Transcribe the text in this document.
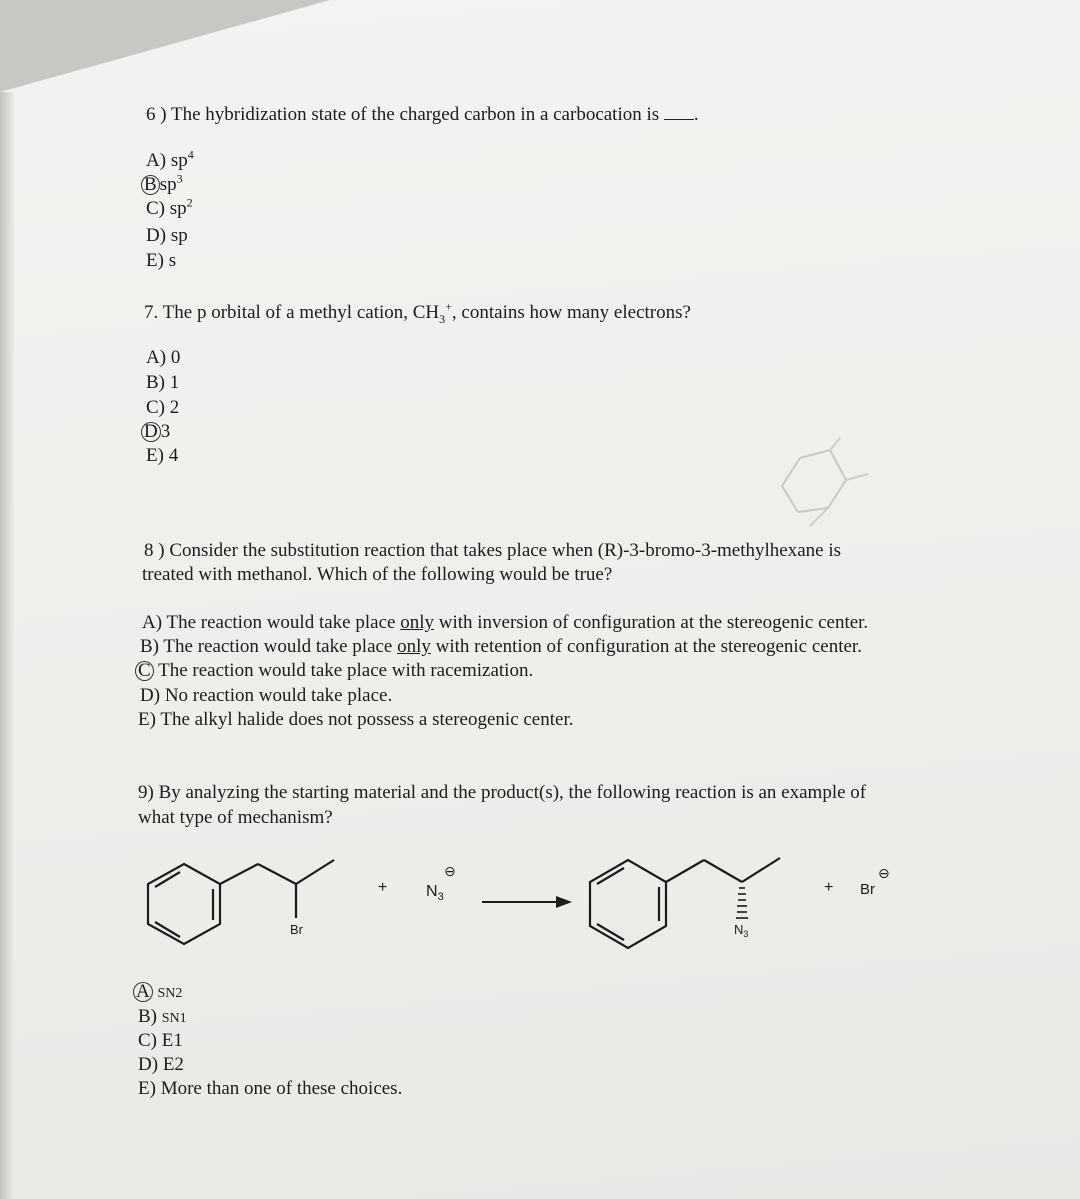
6 ) The hybridization state of the charged carbon in a carbocation is .
A) $sp^4$
B $sp^3$
C) $sp^2$
D) sp
E) s
7. The p orbital of a methyl cation, $CH_3^+$, contains how many electrons?
A) 0
B) 1
C) 2
D 3
E) 4
8 ) Consider the substitution reaction that takes place when (R)-3-bromo-3-methylhexane is
treated with methanol. Which of the following would be true?
A) The reaction would take place only with inversion of configuration at the stereogenic center.
B) The reaction would take place only with retention of configuration at the stereogenic center.
C The reaction would take place with racemization.
D) No reaction would take place.
E) The alkyl halide does not possess a stereogenic center.
9) By analyzing the starting material and the product(s), the following reaction is an example of
what type of mechanism?
Br
+ $N_3$
⊖
$N_3$
+ Br
⊖
A SN2
B) SN1
C) E1
D) E2
E) More than one of these choices.
